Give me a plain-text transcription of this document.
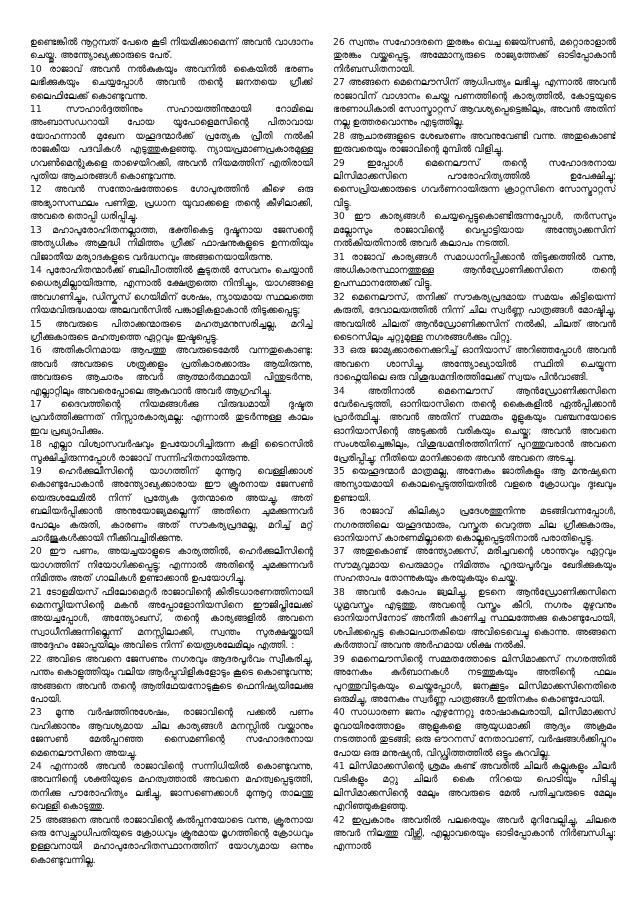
ഉണ്ടെങ്കിൽ നൂറ്റമ്പത് പേരെ കൂടി നിയമിക്കാമെന്ന് അവൻ വാഗ്ദാനം ചെയ്തു. അന്ത്യോഖ്യക്കാരുടെ പേര്.

10 രാജാവ് അവൻ നൽകുകയും അവനിൽ കൈയിൽ ഭരണം ലഭിക്കുകയും ചെയ്യപ്പോൾ അവൻ തന്റെ ജനതയെ ഗ്രീക്ക് ലൈഫിലേക്ക് കൊണ്ടുവന്നു.

11 സൗഹാർദ്ദത്തിനും സഹായത്തിനുമായി റോമിലെ അംബാസഡറായി പോയ യൂപോളെമസിന്റെ പിതാവായ യോഹന്നാൻ മുഖേന യഹൂദന്മാർക്ക് പ്രത്യേക പ്രീതി നൽകി രാജകീയ പദവികൾ എടുത്തുകളഞ്ഞു. ന്യായപ്രമാണപ്രകാരമുള്ള ഗവൺമെന്റുകളെ താഴെയിറക്കി, അവൻ നിയമത്തിന് എതിരായി പുതിയ ആചാരങ്ങൾ കൊണ്ടുവന്നു.

12 അവൻ സന്തോഷത്തോടെ ഗോപുരത്തിൻ കീഴെ ഒരു അഭ്യാസസ്ഥലം പണിതു, പ്രധാന യുവാക്കളെ തന്റെ കീഴിലാക്കി, അവരെ തൊപ്പി ധരിപ്പിച്ചു.

13 മഹാപുരോഹിതനല്ലാത്ത, ഭക്തികെട്ട ദുഷ്ടനായ ജേസന്റെ അത്യധികം അശുദ്ധി നിമിത്തം ഗ്രീക്ക് ഫാഷനുകളുടെ ഉന്നതിയും വിജാതീയ മര്യാദകളുടെ വർദ്ധനവും അങ്ങനെയായിരുന്നു.

14 പുരോഹിതന്മാർക്ക് ബലിപീഠത്തിൽ കൂടുതൽ സേവനം ചെയ്യാൻ ധൈര്യമില്ലായിരുന്നു, എന്നാൽ ക്ഷേത്രത്തെ നിന്ദിച്ചും, യാഗങ്ങളെ അവഗണിച്ചും, ഡിസ്കസ് ഗെയിമിന് ശേഷം, ന്യായമായ സ്ഥലത്തെ നിയമവിരുദ്ധമായ അലവൻസിൽ പങ്കാളികളാകാൻ തിടുക്കപ്പെട്ടു;

15 അവരുടെ പിതാക്കന്മാരുടെ മഹത്വമനുസരിച്ചല്ല, മറിച്ച് ഗ്രീക്കുകാരുടെ മഹത്വത്തെ ഏറ്റവും ഇഷ്ടപ്പെട്ടു.

16 അതികഠിനമായ ആപത്തു അവരുടെമേൽ വന്നതുകൊണ്ടു: അവർ അവരുടെ ശത്രുക്കളും പ്രതികാരക്കാരും ആയിരുന്നു, അവരുടെ ആചാരം അവർ ആത്മാർത്ഥമായി പിന്തുടർന്നു, എല്ലാറ്റിലും അവരെപ്പോലെ ആകുവാൻ അവർ ആഗ്രഹിച്ചു.

17 ദൈവത്തിന്റെ നിയമങ്ങൾക്കു വിരുദ്ധമായി ദുഷ്ടത പ്രവർത്തിക്കുന്നത് നിസ്സാരകാര്യമല്ല: എന്നാൽ തുടർന്നുള്ള കാലം ഇവ പ്രഖ്യാപിക്കും.

18 എല്ലാ വിശ്വാസവർഷവും ഉപയോഗിച്ചിരുന്ന കളി ടൈറസിൽ സൂക്ഷിച്ചിരുന്നപ്പോൾ രാജാവ് സന്നിഹിതനായിരുന്നു.

19 ഹെർക്കുലീസിന്റെ യാഗത്തിന് മുന്നൂറു വെള്ളിക്കാശ് കൊണ്ടുപോകാൻ അന്ത്യോഖ്യക്കാരായ ഈ ക്രൂരനായ ജേസൺ യെരുശലേമിൽ നിന്ന് പ്രത്യേക ദൂതന്മാരെ അയച്ചു, അത് ബലിയർപ്പിക്കാൻ അനുയോജ്യമല്ലെന്ന് അതിനെ ചുമക്കുന്നവർ പോലും കരുതി, കാരണം അത് സൗകര്യപ്രദമല്ല, മറിച്ച് മറ്റ് ചാർജുകൾക്കായി നീക്കിവച്ചിരിക്കുന്നു.

20 ഈ പണം, അയച്ചയാളുടെ കാര്യത്തിൽ, ഹെർക്കുലീസിന്റെ യാഗത്തിന് നിയോഗിക്കപ്പെട്ടു; എന്നാൽ അതിന്റെ ചുമക്കുന്നവർ നിമിത്തം അത് ഗാലികൾ ഉണ്ടാക്കാൻ ഉപയോഗിച്ചു.

21 ടോളമിയസ് ഫിലോമെറ്റർ രാജാവിന്റെ കിരീടധാരണത്തിനായി മെനസ്തിയസിന്റെ മകൻ അപ്പോളോനിയസിനെ ഈജിപ്തിലേക്ക് അയച്ചപ്പോൾ, അന്ത്യോഖസ്, തന്റെ കാര്യങ്ങളിൽ അവനെ സ്വാധീനിക്കുന്നില്ലെന്ന് മനസ്സിലാക്കി, സ്വന്തം സുരക്ഷയ്ക്കായി അദ്ദേഹം ജോപ്പയിലും അവിടെ നിന്ന് യെരൂശലേമിലും എത്തി. :

22 അവിടെ അവനെ ജേസണും നഗരവും ആദരപൂർവം സ്വീകരിച്ചു, പന്തം കൊളുത്തിയും വലിയ ആർപ്പുവിളികളോടും കൂടെ കൊണ്ടുവന്നു; അങ്ങനെ അവൻ തന്റെ ആതിഥേയനോടുകൂടെ ഫെനിഷ്യയിലേക്കു പോയി.

23 മൂന്നു വർഷത്തിനുശേഷം, രാജാവിന്റെ പക്കൽ പണം വഹിക്കാനും ആവശ്യമായ ചില കാര്യങ്ങൾ മനസ്സിൽ വയ്ക്കാനും ജേസൺ മേൽപ്പറഞ്ഞ സൈമണിന്റെ സഹോദരനായ മെനെലൗസിനെ അയച്ചു.

24 എന്നാൽ അവൻ രാജാവിന്റെ സന്നിധിയിൽ കൊണ്ടുവന്നു, അവനിന്റെ ശക്തിയുടെ മഹത്വത്താൽ അവനെ മഹത്വപ്പെടുത്തി, തനിക്കു പൗരോഹിത്യം ലഭിച്ചു, ജാസണെക്കാൾ മുന്നൂറു താലന്തു വെള്ളി കൊടുത്തു.

25 അങ്ങനെ അവൻ രാജാവിന്റെ കൽപ്പനയോടെ വന്നു, ക്രൂരനായ ഒരു സ്വേച്ഛാധിപതിയുടെ ക്രോധവും ക്രൂരമായ മൃഗത്തിന്റെ ക്രോധവും ഉള്ളവനായി മഹാപുരോഹിതസ്ഥാനത്തിന് യോഗ്യമായ ഒന്നും കൊണ്ടുവന്നില്ല.

26 സ്വന്തം സഹോദരനെ തുരങ്കം വെച്ച ജെയ്സൺ, മറ്റൊരാളാൽ തുരങ്കം വയ്ക്കപ്പെട്ടു, അമ്മോന്യരുടെ രാജ്യത്തേക്ക് ഓടിപ്പോകാൻ നിർബന്ധിതനായി.

27 അങ്ങനെ മെനെലൗസിന് ആധിപത്യം ലഭിച്ചു, എന്നാൽ അവൻ രാജാവിന് വാഗ്ദാനം ചെയ്ത പണത്തിന്റെ കാര്യത്തിൽ, കോട്ടയുടെ ഭരണാധികാരി സോസ്ട്രാറ്റസ് ആവശ്യപ്പെട്ടെങ്കിലും, അവൻ അതിന് നല്ല ഉത്തരവൊന്നും എടുത്തില്ല.

28 ആചാരങ്ങളുടെ ശേഖരണം അവനുവേണ്ടി വന്നു. അതുകൊണ്ട് ഇരുവരെയും രാജാവിന്റെ മുമ്പിൽ വിളിച്ചു.

29 ഇപ്പോൾ മെനെലൗസ് തന്റെ സഹോദരനായ ലിസിമാക്കസിനെ പൗരോഹിത്യത്തിൽ ഉപേക്ഷിച്ചു; സൈപ്രിയക്കാരുടെ ഗവർണറായിരുന്ന ക്രാറ്റസിനെ സോസ്ട്രാറ്റസ് വിട്ടു.

30 ഈ കാര്യങ്ങൾ ചെയ്യപ്പെട്ടുകൊണ്ടിരുന്നപ്പോൾ, തർസസും മല്ലോസും രാജാവിന്റെ വെപ്പാട്ടിയായ അന്ത്യോക്കസിന് നൽകിയതിനാൽ അവർ കലാപം നടത്തി.

31 രാജാവ് കാര്യങ്ങൾ സമാധാനിപ്പിക്കാൻ തിടുക്കത്തിൽ വന്നു, അധികാരസ്ഥാനത്തുള്ള ആൻഡ്രോണിക്കസിനെ തന്റെ ഉപസ്ഥാനത്തേക്ക് വിട്ടു.

32 മെനെലൗസ്, തനിക്ക് സൗകര്യപ്രദമായ സമയം കിട്ടിയെന്ന് കരുതി, ദേവാലയത്തിൽ നിന്ന് ചില സ്വർണ്ണ പാത്രങ്ങൾ മോഷ്ടിച്ചു, അവയിൽ ചിലത് ആൻഡ്രോണിക്കസിന് നൽകി, ചിലത് അവൻ ടൈറസിലും ചുറ്റുമുള്ള നഗരങ്ങൾക്കും വിറ്റു.

33 ഒരു ജാമ്യക്കാരനെക്കുറിച്ച് ഓനിയാസ് അറിഞ്ഞപ്പോൾ അവൻ അവനെ ശാസിച്ചു, അന്ത്യോഖ്യായിൽ സ്ഥിതി ചെയ്യുന്ന ദാഫ്നെയിലെ ഒരു വിശുദ്ധമന്ദിരത്തിലേക്ക് സ്വയം പിൻവാങ്ങി.

34 അതിനാൽ മെനെലൗസ് ആൻഡ്രോണിക്കസിനെ വേർപെടുത്തി, ഓനിയാസിനെ തന്റെ കൈകളിൽ ഏൽപ്പിക്കാൻ പ്രാർത്ഥിച്ചു. അവൻ അതിന് സമ്മതം മൂളുകയും വഞ്ചനയോടെ ഓനിയാസിന്റെ അടുക്കൽ വരികയും ചെയ്തു; അവൻ അവനെ സംശയിച്ചെങ്കിലും, വിശുദ്ധമന്ദിരത്തിനിന്ന് പുറത്തുവരാൻ അവനെ പ്രേരിപ്പിച്ചു; നീതിയെ മാനിക്കാതെ അവൻ അവനെ അടച്ചു.

35 യെഹൂദന്മാർ മാത്രമല്ല, അനേകം ജാതികളും ആ മനുഷ്യനെ അന്യായമായി കൊലപ്പെടുത്തിയതിൽ വളരെ ക്രോധവും ദുഃഖവും ഉണ്ടായി.

36 രാജാവ് കിലിക്യാ പ്രദേശത്തുനിന്നു മടങ്ങിവന്നപ്പോൾ, നഗരത്തിലെ യഹൂദന്മാരും, വസ്തുത വെറുത്ത ചില ഗ്രീക്കുകാരും, ഓനിയാസ് കാരണമില്ലാതെ കൊല്ലപ്പെട്ടതിനാൽ പരാതിപ്പെട്ടു.

37 അതുകൊണ്ട് അന്ത്യോക്കസ്, മരിച്ചവന്റെ ശാന്തവും ഏറ്റവും സൗമ്യവുമായ പെരുമാറ്റം നിമിത്തം ഹൃദയപൂർവ്വം ഖേദിക്കുകയും സഹതാപം തോന്നുകയും കരയുകയും ചെയ്തു.

38 അവൻ കോപം ജ്വലിച്ചു, ഉടനെ ആൻഡ്രോണിക്കസിനെ ധൂമ്രവസ്ത്രം എടുത്തു, അവന്റെ വസ്ത്രം കീറി, നഗരം മുഴുവനും ഓനിയാസിനോട് അനീതി കാണിച്ച സ്ഥലത്തേക്കു കൊണ്ടുപോയി, ശപിക്കപ്പെട്ട കൊലപാതകിയെ അവിടെവെച്ചു കൊന്നു. അങ്ങനെ കർത്താവ് അവനു അർഹമായ ശിക്ഷ നൽകി.

39 മെനെലൗസിന്റെ സമ്മതത്തോടെ ലിസിമാക്കസ് നഗരത്തിൽ അനേകം കുർബാനകൾ നടത്തുകയും അതിന്റെ ഫലം പുറത്തുവിടുകയും ചെയ്തപ്പോൾ, ജനക്കൂട്ടം ലിസിമാക്കസിനെതിരെ ഒരുമിച്ചു, അനേകം സ്വർണ്ണ പാത്രങ്ങൾ ഇതിനകം കൊണ്ടുപോയി.

40 സാധാരണ ജനം എഴുന്നേറ്റു രോഷാകുലരായി, ലിസിമാക്കസ് മൂവായിരത്തോളം ആളുകളെ ആയുധമാക്കി ആദ്യം അക്രമം നടത്താൻ തുടങ്ങി; ഒരു ഔറനസ് നേതാവാണ്, വർഷങ്ങൾക്കിപ്പുറം പോയ ഒരു മനുഷ്യൻ, വിഡ്ഢിത്തത്തിൽ ഒട്ടും കുറവില്ല.

41 ലിസിമാക്കസിന്റെ ശ്രമം കണ്ട് അവരിൽ ചിലർ കല്ലുകളും ചിലർ വടികളും മറ്റു ചിലർ കൈ നിറയെ പൊടിയും പിടിച്ചു ലിസിമാക്കസിന്റെ മേലും അവരുടെ മേൽ പതിച്ചവരുടെ മേലും എറിഞ്ഞുകളഞ്ഞു.

42 ഇപ്രകാരം അവരിൽ പലരെയും അവർ മുറിവേല്പിച്ചു, ചിലരെ അവർ നിലത്തു വീഴ്ത്തി, എല്ലാവരെയും ഓടിപ്പോകാൻ നിർബന്ധിച്ചു: എന്നാൽ
